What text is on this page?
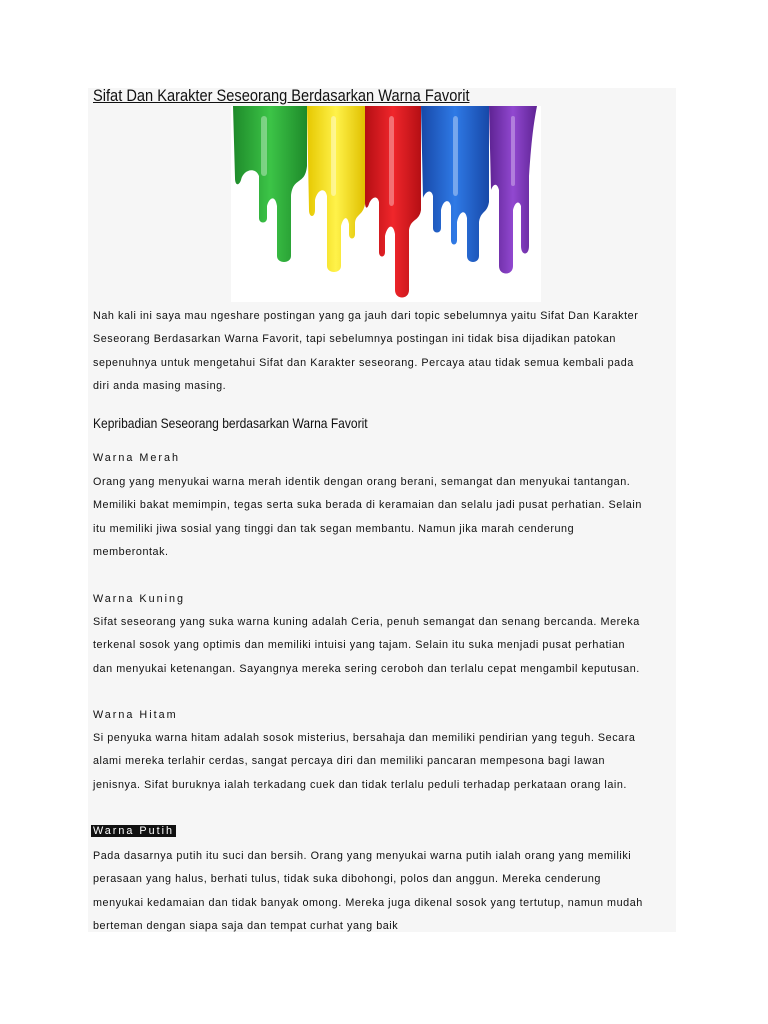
Sifat Dan Karakter Seseorang Berdasarkan Warna Favorit
Nah kali ini saya mau ngeshare postingan yang ga jauh dari topic sebelumnya yaitu Sifat Dan Karakter
Seseorang Berdasarkan Warna Favorit, tapi sebelumnya postingan ini tidak bisa dijadikan patokan
sepenuhnya untuk mengetahui Sifat dan Karakter seseorang. Percaya atau tidak semua kembali pada
diri anda masing masing.
Kepribadian Seseorang berdasarkan Warna Favorit
Warna Merah
Orang yang menyukai warna merah identik dengan orang berani, semangat dan menyukai tantangan.
Memiliki bakat memimpin, tegas serta suka berada di keramaian dan selalu jadi pusat perhatian. Selain
itu memiliki jiwa sosial yang tinggi dan tak segan membantu. Namun jika marah cenderung
memberontak.
Warna Kuning
Sifat seseorang yang suka warna kuning adalah Ceria, penuh semangat dan senang bercanda. Mereka
terkenal sosok yang optimis dan memiliki intuisi yang tajam. Selain itu suka menjadi pusat perhatian
dan menyukai ketenangan. Sayangnya mereka sering ceroboh dan terlalu cepat mengambil keputusan.
Warna Hitam
Si penyuka warna hitam adalah sosok misterius, bersahaja dan memiliki pendirian yang teguh. Secara
alami mereka terlahir cerdas, sangat percaya diri dan memiliki pancaran mempesona bagi lawan
jenisnya. Sifat buruknya ialah terkadang cuek dan tidak terlalu peduli terhadap perkataan orang lain.
Warna Putih
Pada dasarnya putih itu suci dan bersih. Orang yang menyukai warna putih ialah orang yang memiliki
perasaan yang halus, berhati tulus, tidak suka dibohongi, polos dan anggun. Mereka cenderung
menyukai kedamaian dan tidak banyak omong. Mereka juga dikenal sosok yang tertutup, namun mudah
berteman dengan siapa saja dan tempat curhat yang baik
